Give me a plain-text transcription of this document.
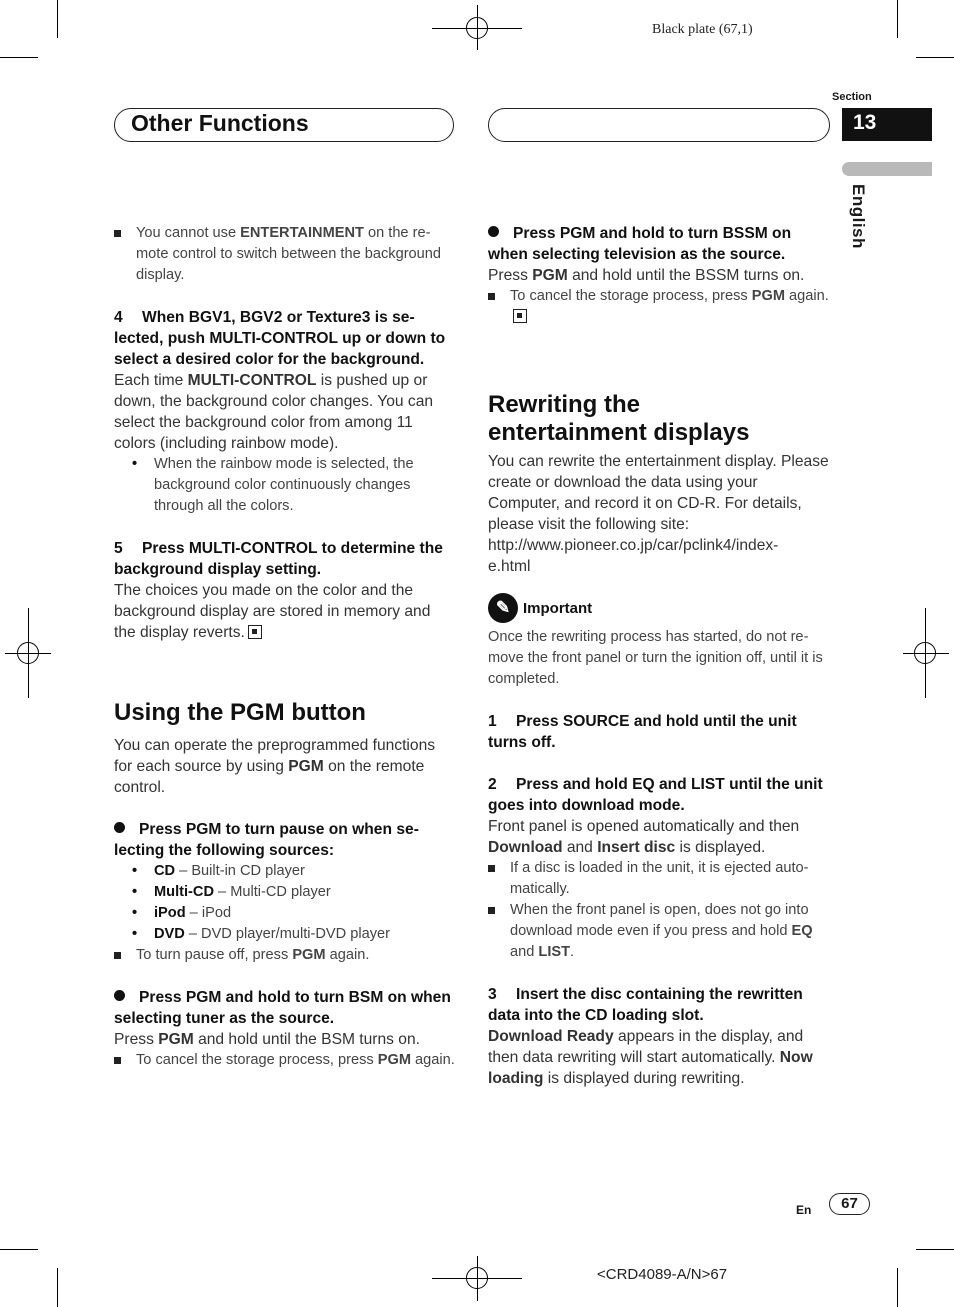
Black plate (67,1)
Other Functions
Section
13
English
You cannot use ENTERTAINMENT on the remote control to switch between the background display.
4 When BGV1, BGV2 or Texture3 is selected, push MULTI-CONTROL up or down to select a desired color for the background.
Each time MULTI-CONTROL is pushed up or down, the background color changes. You can select the background color from among 11 colors (including rainbow mode).
• When the rainbow mode is selected, the background color continuously changes through all the colors.
5 Press MULTI-CONTROL to determine the background display setting.
The choices you made on the color and the background display are stored in memory and the display reverts.
Using the PGM button
You can operate the preprogrammed functions for each source by using PGM on the remote control.
Press PGM to turn pause on when selecting the following sources:
• CD – Built-in CD player
• Multi-CD – Multi-CD player
• iPod – iPod
• DVD – DVD player/multi-DVD player
To turn pause off, press PGM again.
Press PGM and hold to turn BSM on when selecting tuner as the source.
Press PGM and hold until the BSM turns on.
To cancel the storage process, press PGM again.
Press PGM and hold to turn BSSM on when selecting television as the source.
Press PGM and hold until the BSSM turns on.
To cancel the storage process, press PGM again.
Rewriting the
entertainment displays
You can rewrite the entertainment display. Please create or download the data using your Computer, and record it on CD-R. For details, please visit the following site:
http://www.pioneer.co.jp/car/pclink4/index-
e.html
✎ Important
Once the rewriting process has started, do not remove the front panel or turn the ignition off, until it is completed.
1 Press SOURCE and hold until the unit turns off.
2 Press and hold EQ and LIST until the unit goes into download mode.
Front panel is opened automatically and then Download and Insert disc is displayed.
If a disc is loaded in the unit, it is ejected automatically.
When the front panel is open, does not go into download mode even if you press and hold EQ and LIST.
3 Insert the disc containing the rewritten data into the CD loading slot.
Download Ready appears in the display, and then data rewriting will start automatically. Now loading is displayed during rewriting.
En	67
<CRD4089-A/N>67
